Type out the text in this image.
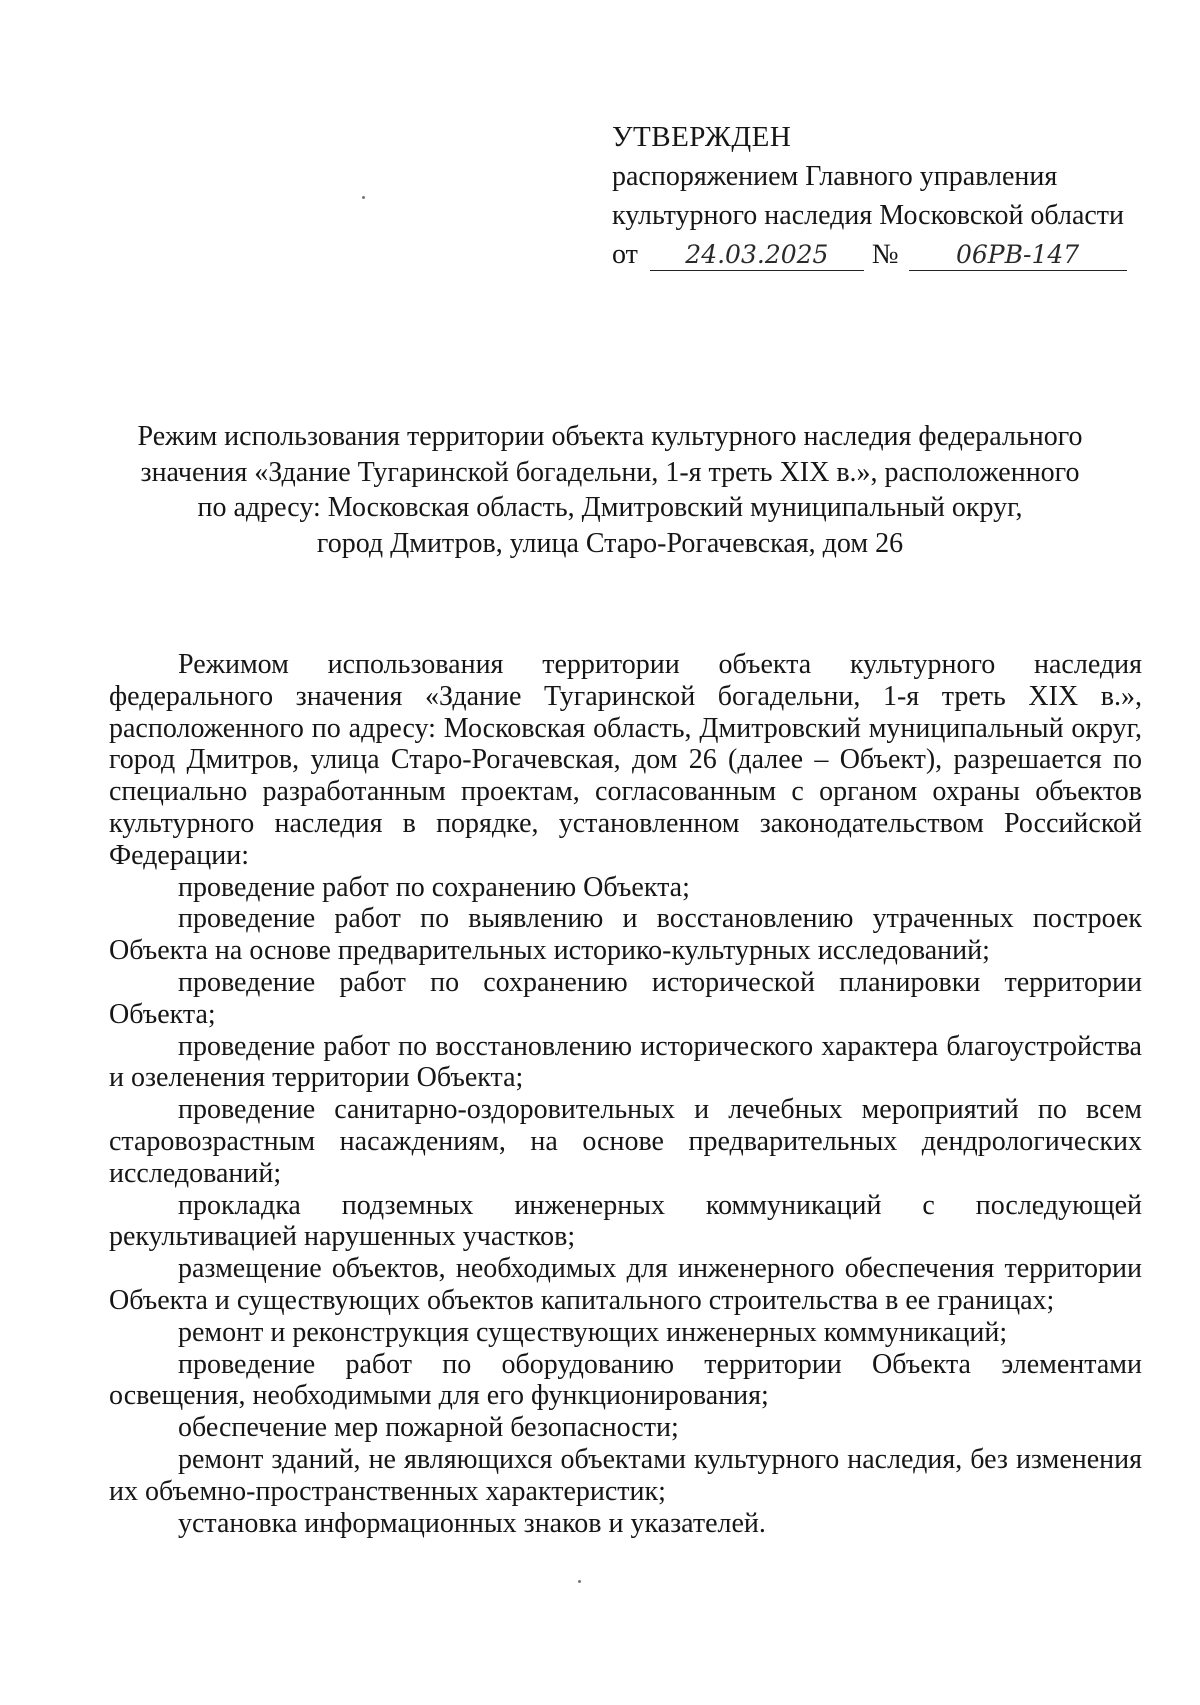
УТВЕРЖДЕН
распоряжением Главного управления
культурного наследия Московской области
от	24.03.2025	№	06РВ-147
Режим использования территории объекта культурного наследия федерального
значения «Здание Тугаринской богадельни, 1-я треть XIX в.», расположенного
по адресу: Московская область, Дмитровский муниципальный округ,
город Дмитров, улица Старо-Рогачевская, дом 26

Режимом использования территории объекта культурного наследия федерального значения «Здание Тугаринской богадельни, 1-я треть XIX в.», расположенного по адресу: Московская область, Дмитровский муниципальный округ, город Дмитров, улица Старо-Рогачевская, дом 26 (далее – Объект), разрешается по специально разработанным проектам, согласованным с органом охраны объектов культурного наследия в порядке, установленном законодательством Российской Федерации:

проведение работ по сохранению Объекта;

проведение работ по выявлению и восстановлению утраченных построек Объекта на основе предварительных историко-культурных исследований;

проведение работ по сохранению исторической планировки территории Объекта;

проведение работ по восстановлению исторического характера благоустройства и озеленения территории Объекта;

проведение санитарно-оздоровительных и лечебных мероприятий по всем старовозрастным насаждениям, на основе предварительных дендрологических исследований;

прокладка подземных инженерных коммуникаций с последующей рекультивацией нарушенных участков;

размещение объектов, необходимых для инженерного обеспечения территории Объекта и существующих объектов капитального строительства в ее границах;

ремонт и реконструкция существующих инженерных коммуникаций;

проведение работ по оборудованию территории Объекта элементами освещения, необходимыми для его функционирования;

обеспечение мер пожарной безопасности;

ремонт зданий, не являющихся объектами культурного наследия, без изменения их объемно-пространственных характеристик;

установка информационных знаков и указателей.
